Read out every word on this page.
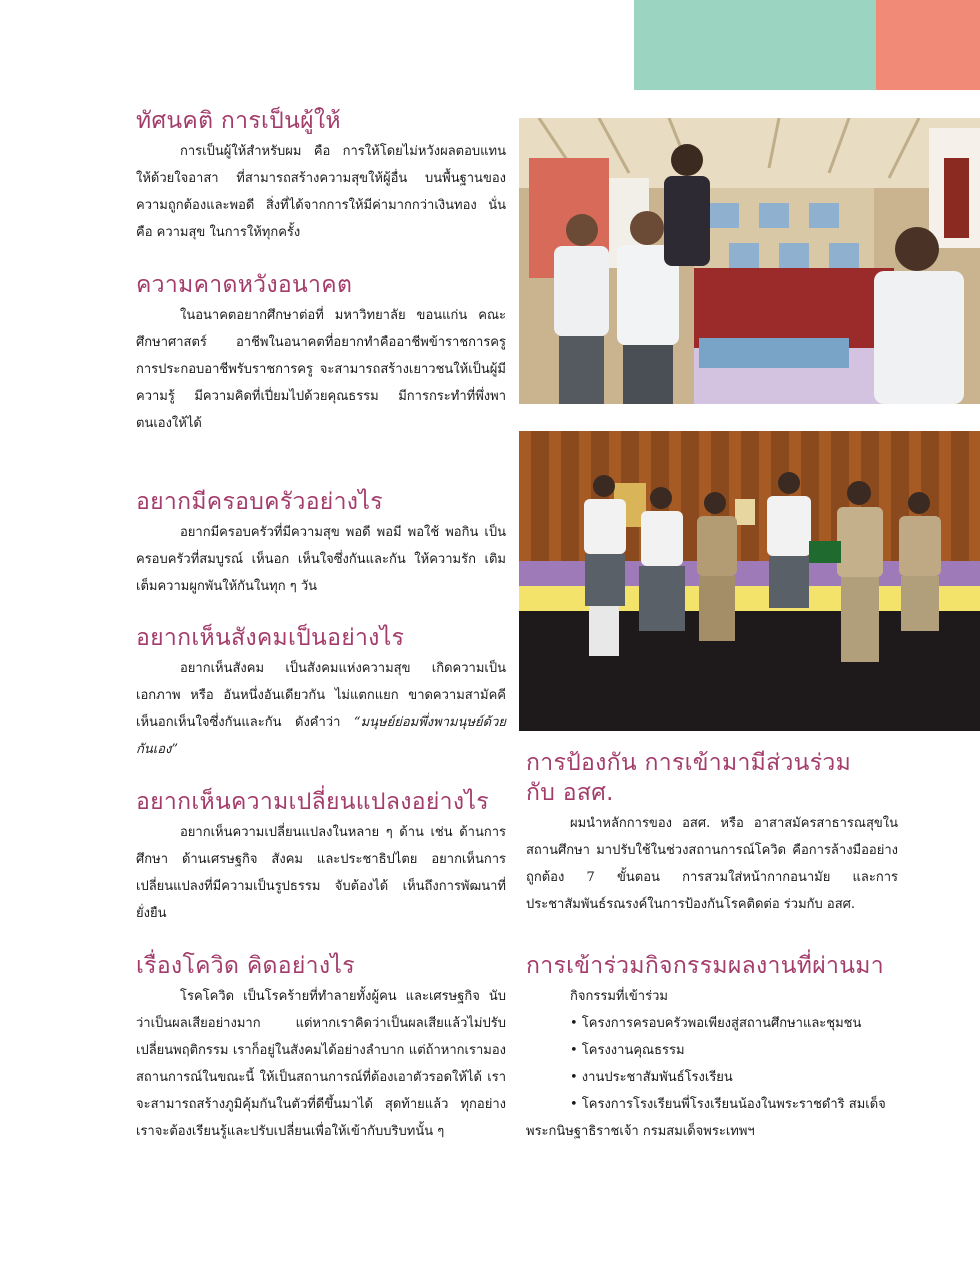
ทัศนคติ การเป็นผู้ให้

การเป็นผู้ให้สำหรับผม คือ การให้โดยไม่หวังผลตอบแทน ให้ด้วยใจอาสา ที่สามารถสร้างความสุขให้ผู้อื่น บนพื้นฐานของความถูกต้องและพอดี สิ่งที่ได้จากการให้มีค่ามากกว่าเงินทอง นั่นคือ ความสุข ในการให้ทุกครั้ง

ความคาดหวังอนาคต

ในอนาคตอยากศึกษาต่อที่ มหาวิทยาลัย ขอนแก่น คณะ ศึกษาศาสตร์ อาชีพในอนาคตที่อยากทำคืออาชีพข้าราชการครู การประกอบอาชีพรับราชการครู จะสามารถสร้างเยาวชนให้เป็นผู้มีความรู้ มีความคิดที่เปี่ยมไปด้วยคุณธรรม มีการกระทำที่พึ่งพาตนเองให้ได้

อยากมีครอบครัวอย่างไร

อยากมีครอบครัวที่มีความสุข พอดี พอมี พอใช้ พอกิน เป็นครอบครัวที่สมบูรณ์ เห็นอก เห็นใจซึ่งกันและกัน ให้ความรัก เติมเต็มความผูกพันให้กันในทุก ๆ วัน

อยากเห็นสังคมเป็นอย่างไร

อยากเห็นสังคม เป็นสังคมแห่งความสุข เกิดความเป็นเอกภาพ หรือ อันหนึ่งอันเดียวกัน ไม่แตกแยก ขาดความสามัคคี เห็นอกเห็นใจซึ่งกันและกัน ดังคำว่า “มนุษย์ย่อมพึ่งพามนุษย์ด้วยกันเอง”

อยากเห็นความเปลี่ยนแปลงอย่างไร

อยากเห็นความเปลี่ยนแปลงในหลาย ๆ ด้าน เช่น ด้านการศึกษา ด้านเศรษฐกิจ สังคม และประชาธิปไตย อยากเห็นการเปลี่ยนแปลงที่มีความเป็นรูปธรรม จับต้องได้ เห็นถึงการพัฒนาที่ยั่งยืน

เรื่องโควิด คิดอย่างไร

โรคโควิด เป็นโรคร้ายที่ทำลายทั้งผู้คน และเศรษฐกิจ นับว่าเป็นผลเสียอย่างมาก แต่หากเราคิดว่าเป็นผลเสียแล้วไม่ปรับเปลี่ยนพฤติกรรม เราก็อยู่ในสังคมได้อย่างลำบาก แต่ถ้าหากเรามองสถานการณ์ในขณะนี้ ให้เป็นสถานการณ์ที่ต้องเอาตัวรอดให้ได้ เราจะสามารถสร้างภูมิคุ้มกันในตัวที่ดีขึ้นมาได้ สุดท้ายแล้ว ทุกอย่างเราจะต้องเรียนรู้และปรับเปลี่ยนเพื่อให้เข้ากับบริบทนั้น ๆ

การป้องกัน การเข้ามามีส่วนร่วม
กับ อสศ.

ผมนำหลักการของ อสศ. หรือ อาสาสมัครสาธารณสุขในสถานศึกษา มาปรับใช้ในช่วงสถานการณ์โควิด คือการล้างมืออย่างถูกต้อง 7 ขั้นตอน การสวมใส่หน้ากากอนามัย และการประชาสัมพันธ์รณรงค์ในการป้องกันโรคติดต่อ ร่วมกับ อสศ.

การเข้าร่วมกิจกรรมผลงานที่ผ่านมา

กิจกรรมที่เข้าร่วม

• โครงการครอบครัวพอเพียงสู่สถานศึกษาและชุมชน
• โครงงานคุณธรรม
• งานประชาสัมพันธ์โรงเรียน
• โครงการโรงเรียนพี่โรงเรียนน้องในพระราชดำริ สมเด็จพระกนิษฐาธิราชเจ้า กรมสมเด็จพระเทพฯ
